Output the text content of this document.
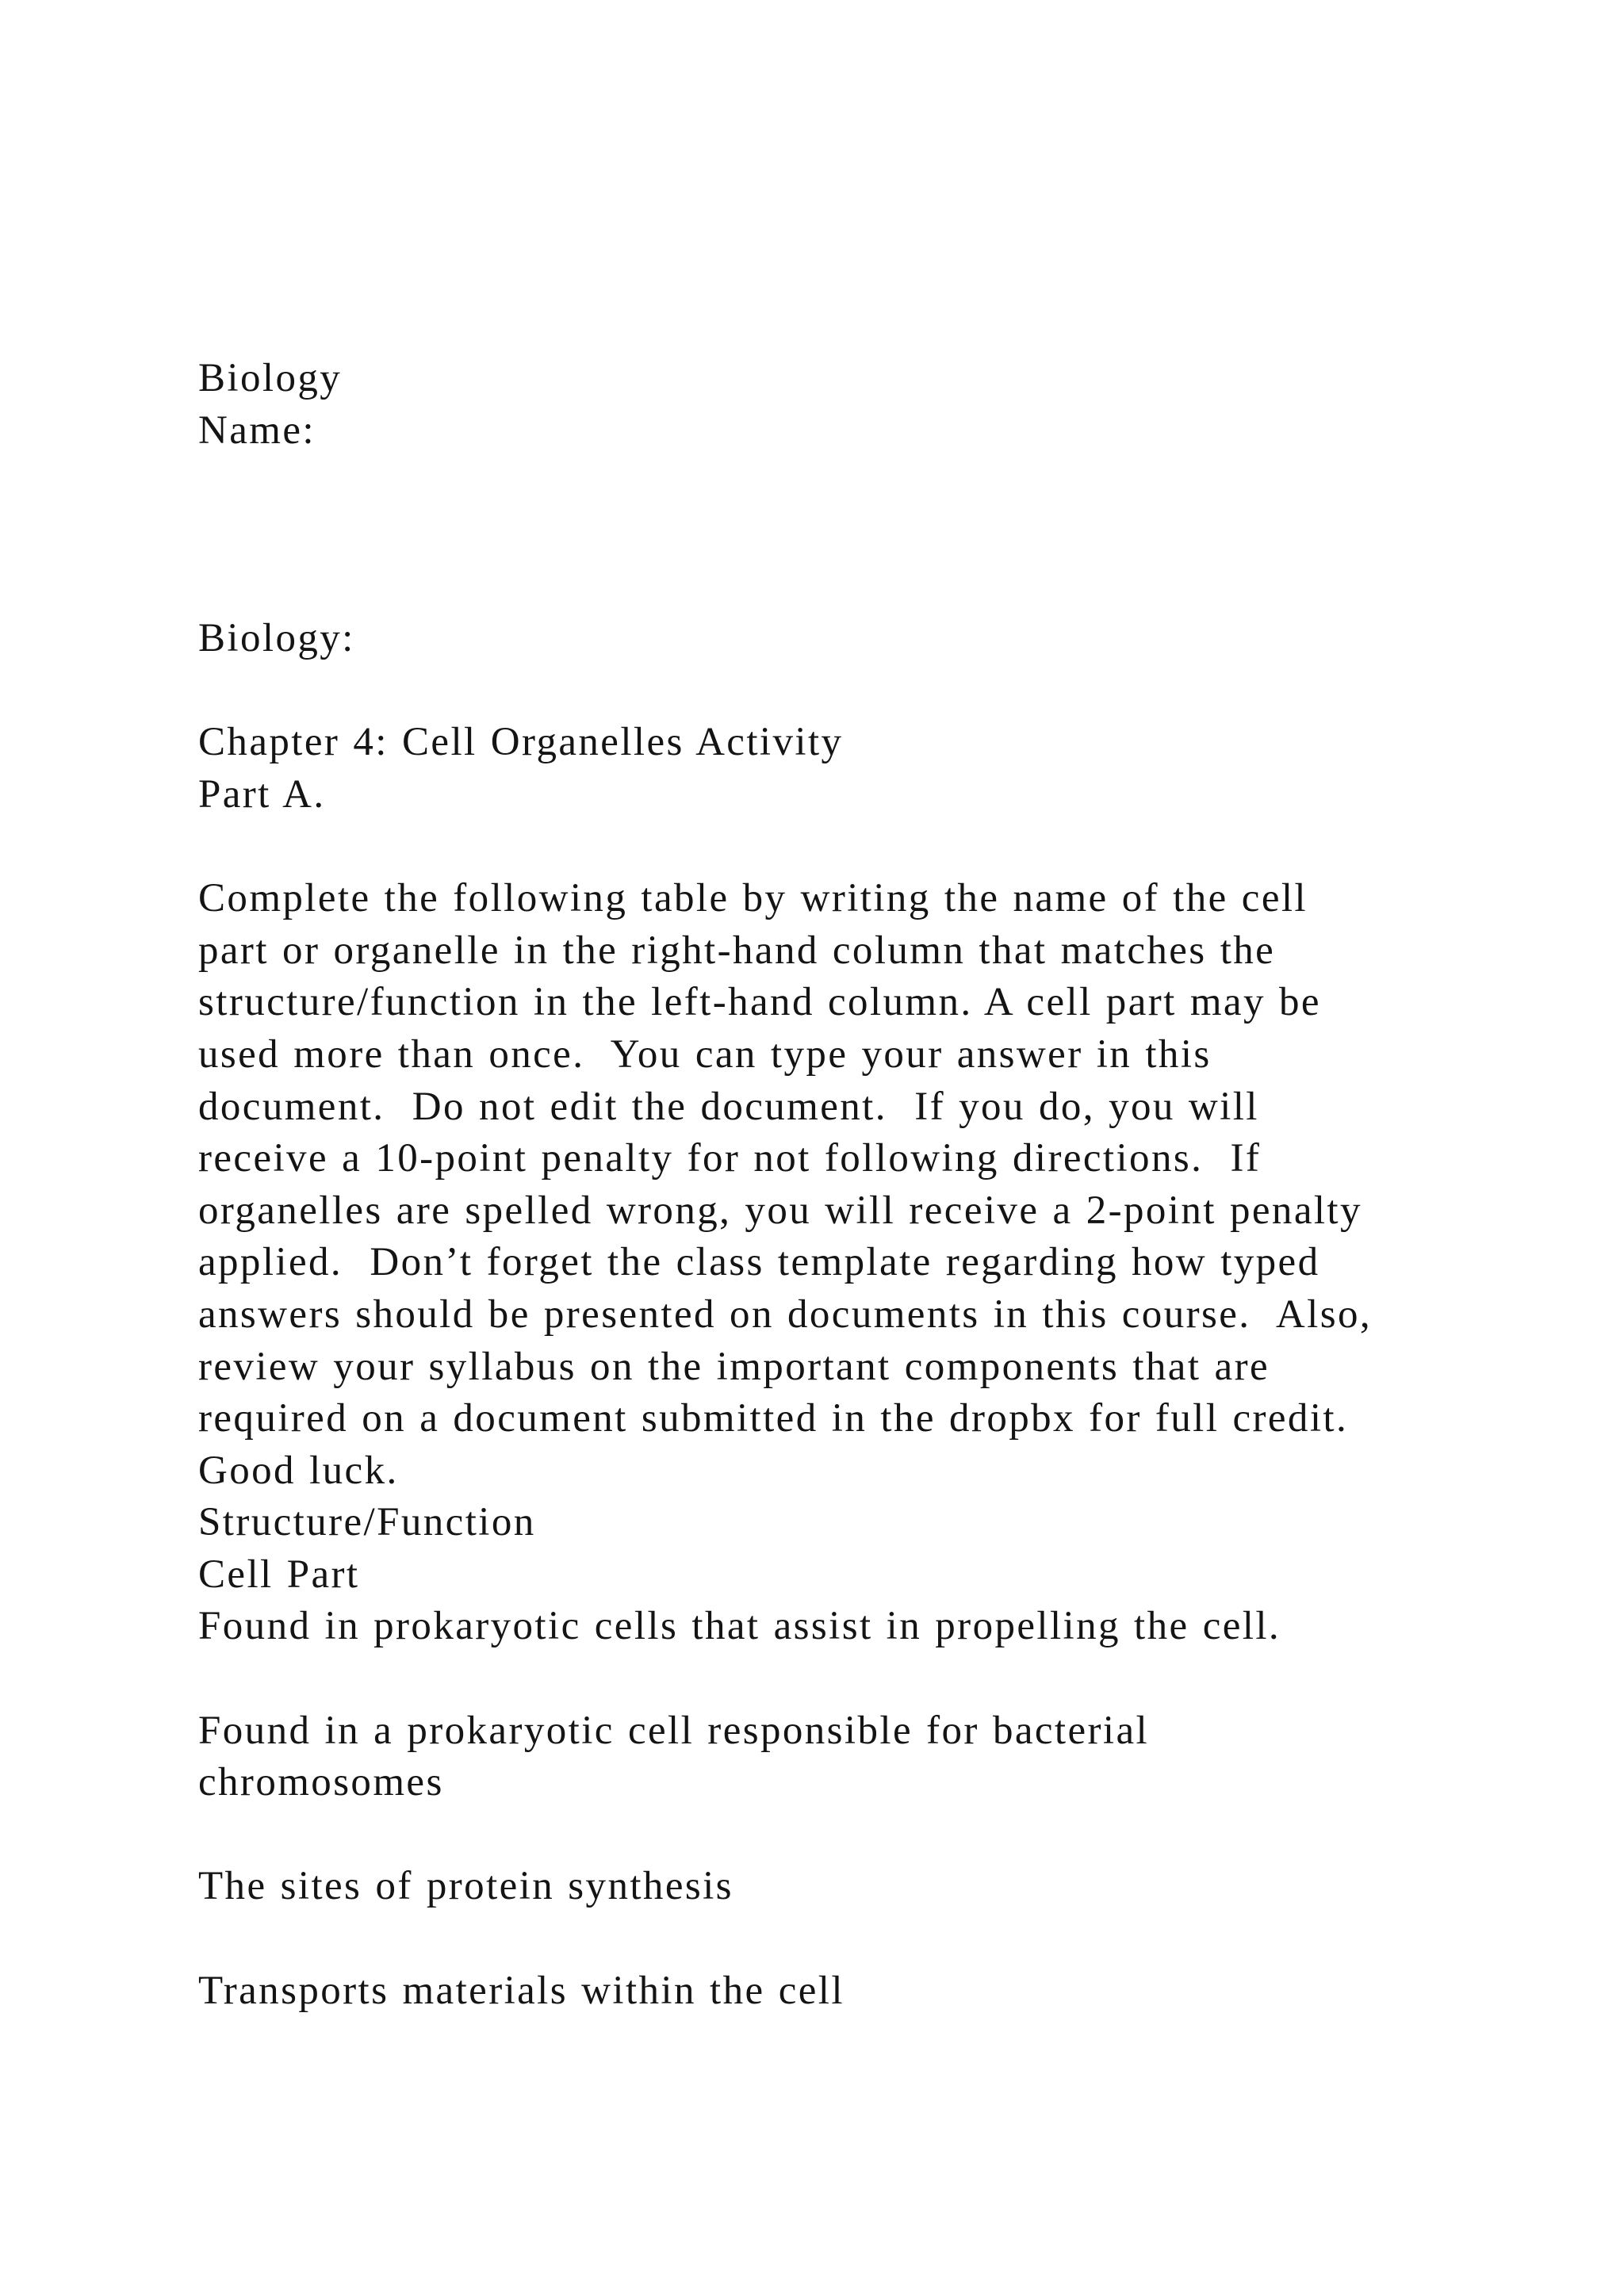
Biology
Name:
Biology:
Chapter 4: Cell Organelles Activity
Part A.
Complete the following table by writing the name of the cell
part or organelle in the right-hand column that matches the
structure/function in the left-hand column. A cell part may be
used more than once.  You can type your answer in this
document.  Do not edit the document.  If you do, you will
receive a 10-point penalty for not following directions.  If
organelles are spelled wrong, you will receive a 2-point penalty
applied.  Don’t forget the class template regarding how typed
answers should be presented on documents in this course.  Also,
review your syllabus on the important components that are
required on a document submitted in the dropbx for full credit.
Good luck.
Structure/Function
Cell Part
Found in prokaryotic cells that assist in propelling the cell.
Found in a prokaryotic cell responsible for bacterial
chromosomes
The sites of protein synthesis
Transports materials within the cell
